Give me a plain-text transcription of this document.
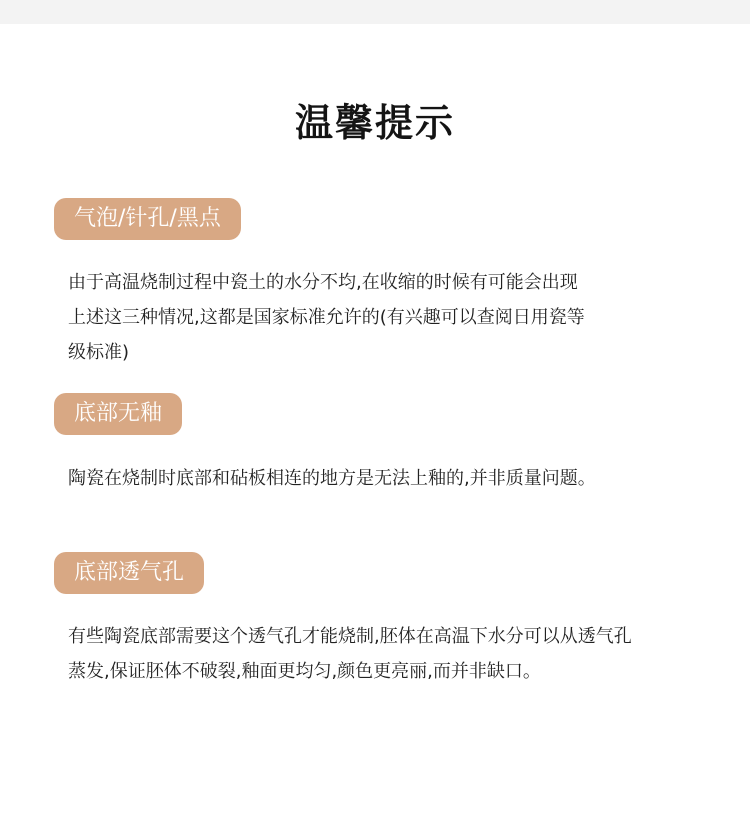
温馨提示
气泡/针孔/黑点

由于高温烧制过程中瓷土的水分不均,在收缩的时候有可能会出现

上述这三种情况,这都是国家标准允许的(有兴趣可以查阅日用瓷等

级标准)

底部无釉

陶瓷在烧制时底部和砧板相连的地方是无法上釉的,并非质量问题。

底部透气孔

有些陶瓷底部需要这个透气孔才能烧制,胚体在高温下水分可以从透气孔

蒸发,保证胚体不破裂,釉面更均匀,颜色更亮丽,而并非缺口。
